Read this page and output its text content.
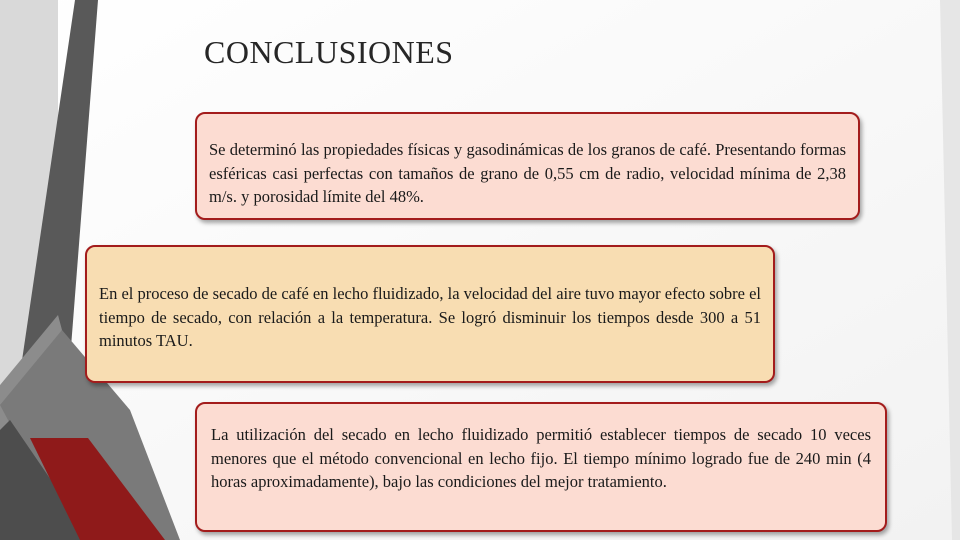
CONCLUSIONES

Se determinó las propiedades físicas y gasodinámicas de los granos de café. Presentando formas esféricas casi perfectas con tamaños de grano de 0,55 cm de radio, velocidad mínima de 2,38 m/s. y porosidad límite del 48%.

En el proceso de secado de café en lecho fluidizado, la velocidad del aire tuvo mayor efecto sobre el tiempo de secado, con relación a la temperatura. Se logró disminuir los tiempos desde 300 a 51 minutos TAU.

La utilización del secado en lecho fluidizado permitió establecer tiempos de secado 10 veces menores que el método convencional en lecho fijo. El tiempo mínimo logrado fue de 240 min (4 horas aproximadamente), bajo las condiciones del mejor tratamiento.
